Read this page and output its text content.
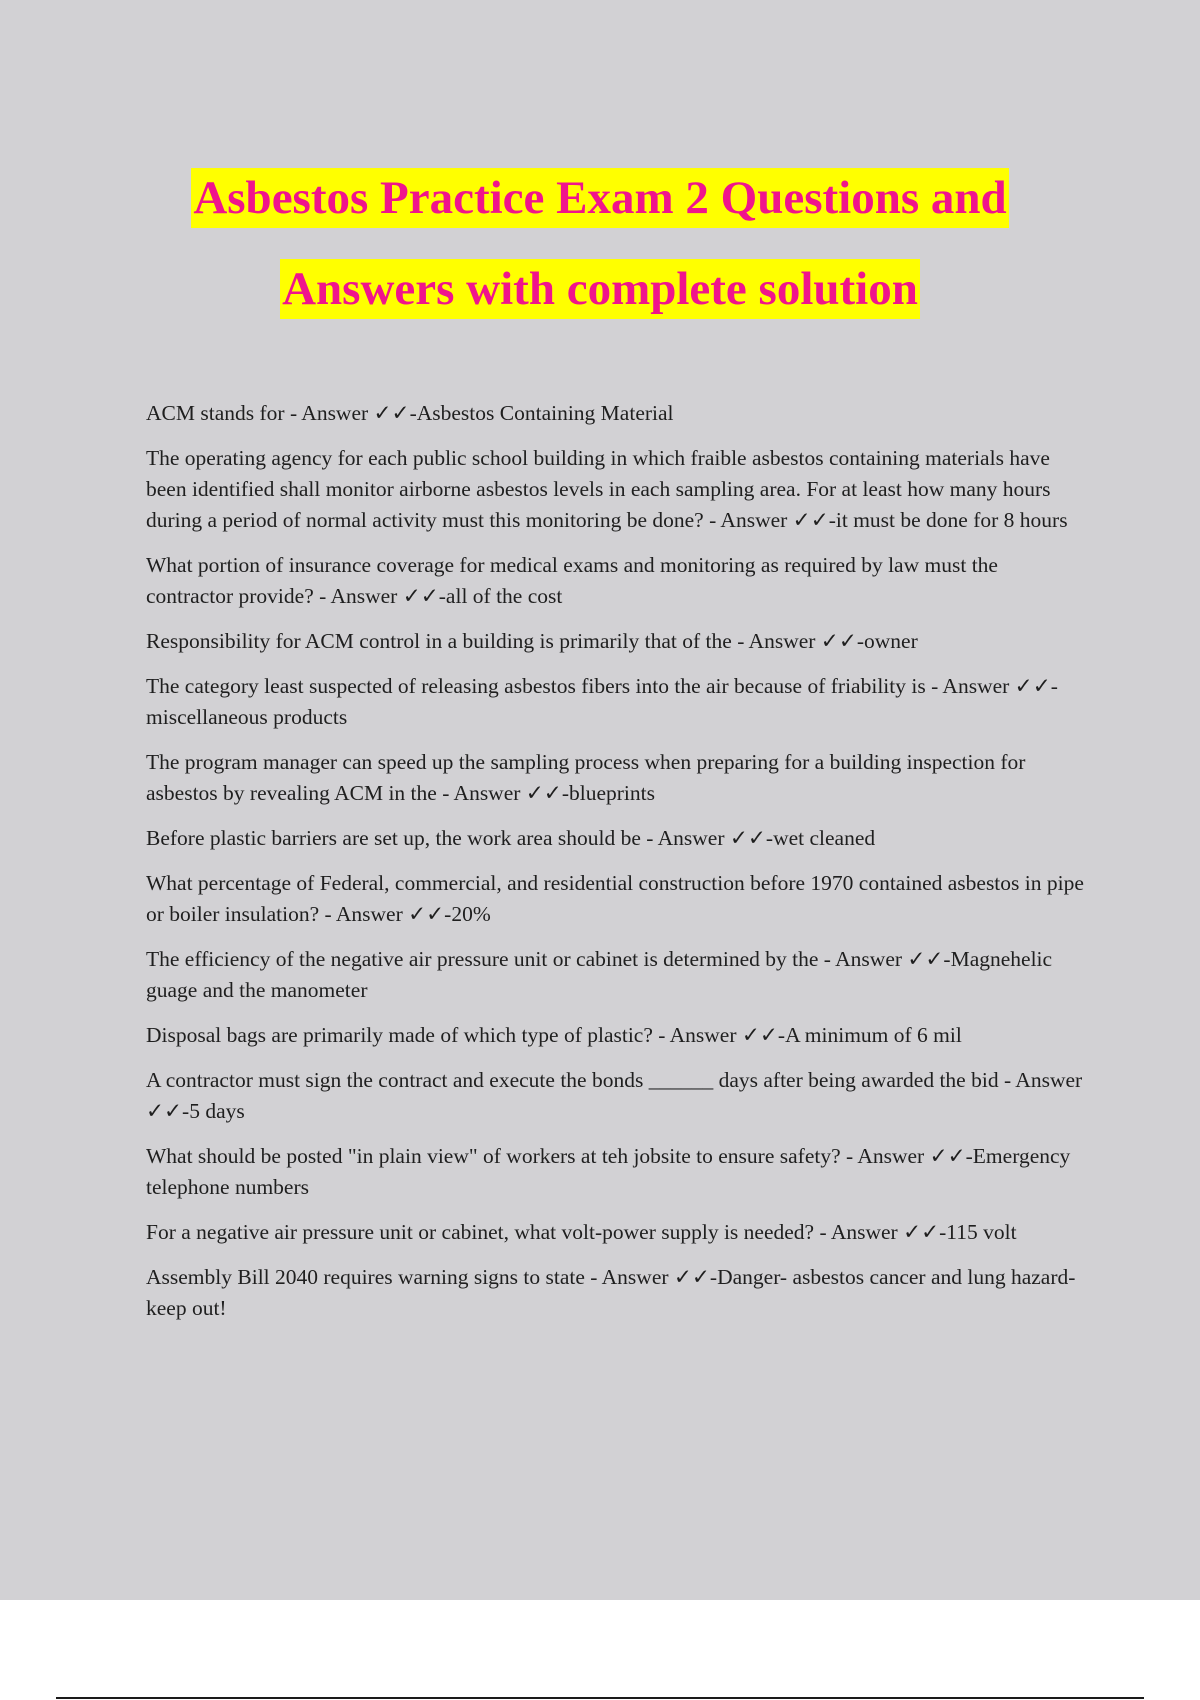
Asbestos Practice Exam 2 Questions and
Answers with complete solution
ACM stands for - Answer ✓✓-Asbestos Containing Material
The operating agency for each public school building in which fraible asbestos containing materials have been identified shall monitor airborne asbestos levels in each sampling area. For at least how many hours during a period of normal activity must this monitoring be done? - Answer ✓✓-it must be done for 8 hours
What portion of insurance coverage for medical exams and monitoring as required by law must the contractor provide? - Answer ✓✓-all of the cost
Responsibility for ACM control in a building is primarily that of the - Answer ✓✓-owner
The category least suspected of releasing asbestos fibers into the air because of friability is - Answer ✓✓-miscellaneous products
The program manager can speed up the sampling process when preparing for a building inspection for asbestos by revealing ACM in the - Answer ✓✓-blueprints
Before plastic barriers are set up, the work area should be - Answer ✓✓-wet cleaned
What percentage of Federal, commercial, and residential construction before 1970 contained asbestos in pipe or boiler insulation? - Answer ✓✓-20%
The efficiency of the negative air pressure unit or cabinet is determined by the - Answer ✓✓-Magnehelic guage and the manometer
Disposal bags are primarily made of which type of plastic? - Answer ✓✓-A minimum of 6 mil
A contractor must sign the contract and execute the bonds ______ days after being awarded the bid - Answer ✓✓-5 days
What should be posted "in plain view" of workers at teh jobsite to ensure safety? - Answer ✓✓-Emergency telephone numbers
For a negative air pressure unit or cabinet, what volt-power supply is needed? - Answer ✓✓-115 volt
Assembly Bill 2040 requires warning signs to state - Answer ✓✓-Danger- asbestos cancer and lung hazard- keep out!
